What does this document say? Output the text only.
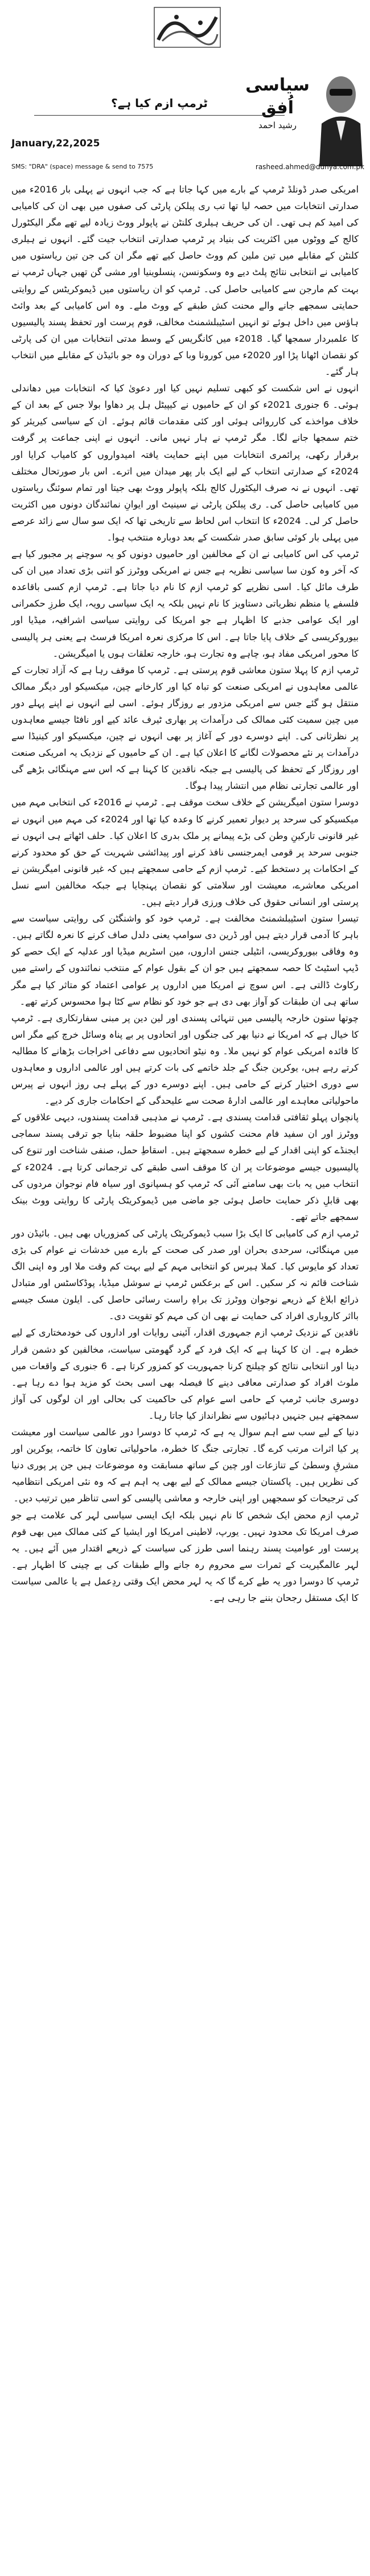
سیاسی اُفق
رشید احمد
ٹرمپ ازم کیا ہے؟
January,22,2025
SMS: "DRA" (space) message & send to 7575	rasheed.ahmed@dunya.com.pk

امریکی صدر ڈونلڈ ٹرمپ کے بارے میں کہا جاتا ہے کہ جب انہوں نے پہلی بار 2016ء میں صدارتی انتخابات میں حصہ لیا تھا تب ری پبلکن پارٹی کی صفوں میں بھی ان کی کامیابی کی امید کم ہی تھی۔ ان کی حریف ہیلری کلنٹن نے پاپولر ووٹ زیادہ لیے تھے مگر الیکٹورل کالج کے ووٹوں میں اکثریت کی بنیاد پر ٹرمپ صدارتی انتخاب جیت گئے۔ انہوں نے ہیلری کلنٹن کے مقابلے میں تین ملین کم ووٹ حاصل کیے تھے مگر ان کی جن تین ریاستوں میں کامیابی نے انتخابی نتائج پلٹ دیے وہ وسکونسن، پنسلوینیا اور مشی گن تھیں جہاں ٹرمپ نے بہت کم مارجن سے کامیابی حاصل کی۔ ٹرمپ کو ان ریاستوں میں ڈیموکریٹس کے روایتی حمایتی سمجھے جانے والے محنت کش طبقے کے ووٹ ملے۔ وہ اس کامیابی کے بعد وائٹ ہاؤس میں داخل ہوئے تو انہیں اسٹیبلشمنٹ مخالف، قوم پرست اور تحفظ پسند پالیسیوں کا علمبردار سمجھا گیا۔ 2018ء میں کانگریس کے وسط مدتی انتخابات میں ان کی پارٹی کو نقصان اٹھانا پڑا اور 2020ء میں کورونا وبا کے دوران وہ جو بائیڈن کے مقابلے میں انتخاب ہار گئے۔

انہوں نے اس شکست کو کبھی تسلیم نہیں کیا اور دعویٰ کیا کہ انتخابات میں دھاندلی ہوئی۔ 6 جنوری 2021ء کو ان کے حامیوں نے کیپیٹل ہل پر دھاوا بولا جس کے بعد ان کے خلاف مواخذے کی کارروائی ہوئی اور کئی مقدمات قائم ہوئے۔ ان کے سیاسی کیریئر کو ختم سمجھا جانے لگا۔ مگر ٹرمپ نے ہار نہیں مانی۔ انہوں نے اپنی جماعت پر گرفت برقرار رکھی، پرائمری انتخابات میں اپنے حمایت یافتہ امیدواروں کو کامیاب کرایا اور 2024ء کے صدارتی انتخاب کے لیے ایک بار پھر میدان میں اترے۔ اس بار صورتحال مختلف تھی۔ انہوں نے نہ صرف الیکٹورل کالج بلکہ پاپولر ووٹ بھی جیتا اور تمام سوئنگ ریاستوں میں کامیابی حاصل کی۔ ری پبلکن پارٹی نے سینیٹ اور ایوانِ نمائندگان دونوں میں اکثریت حاصل کر لی۔ 2024ء کا انتخاب اس لحاظ سے تاریخی تھا کہ ایک سو سال سے زائد عرصے میں پہلی بار کوئی سابق صدر شکست کے بعد دوبارہ منتخب ہوا۔

ٹرمپ کی اس کامیابی نے ان کے مخالفین اور حامیوں دونوں کو یہ سوچنے پر مجبور کیا ہے کہ آخر وہ کون سا سیاسی نظریہ ہے جس نے امریکی ووٹرز کو اتنی بڑی تعداد میں ان کی طرف مائل کیا۔ اسی نظریے کو ٹرمپ ازم کا نام دیا جاتا ہے۔ ٹرمپ ازم کسی باقاعدہ فلسفے یا منظم نظریاتی دستاویز کا نام نہیں بلکہ یہ ایک سیاسی رویہ، ایک طرزِ حکمرانی اور ایک عوامی جذبے کا اظہار ہے جو امریکا کی روایتی سیاسی اشرافیہ، میڈیا اور بیوروکریسی کے خلاف پایا جاتا ہے۔ اس کا مرکزی نعرہ امریکا فرسٹ ہے یعنی ہر پالیسی کا محور امریکی مفاد ہو، چاہے وہ تجارت ہو، خارجہ تعلقات ہوں یا امیگریشن۔

ٹرمپ ازم کا پہلا ستون معاشی قوم پرستی ہے۔ ٹرمپ کا موقف رہا ہے کہ آزاد تجارت کے عالمی معاہدوں نے امریکی صنعت کو تباہ کیا اور کارخانے چین، میکسیکو اور دیگر ممالک منتقل ہو گئے جس سے امریکی مزدور بے روزگار ہوئے۔ اسی لیے انہوں نے اپنے پہلے دور میں چین سمیت کئی ممالک کی درآمدات پر بھاری ٹیرف عائد کیے اور نافٹا جیسے معاہدوں پر نظرثانی کی۔ اپنے دوسرے دور کے آغاز پر بھی انہوں نے چین، میکسیکو اور کینیڈا سے درآمدات پر نئے محصولات لگانے کا اعلان کیا ہے۔ ان کے حامیوں کے نزدیک یہ امریکی صنعت اور روزگار کے تحفظ کی پالیسی ہے جبکہ ناقدین کا کہنا ہے کہ اس سے مہنگائی بڑھے گی اور عالمی تجارتی نظام میں انتشار پیدا ہوگا۔

دوسرا ستون امیگریشن کے خلاف سخت موقف ہے۔ ٹرمپ نے 2016ء کی انتخابی مہم میں میکسیکو کی سرحد پر دیوار تعمیر کرنے کا وعدہ کیا تھا اور 2024ء کی مہم میں انہوں نے غیر قانونی تارکینِ وطن کی بڑے پیمانے پر ملک بدری کا اعلان کیا۔ حلف اٹھاتے ہی انہوں نے جنوبی سرحد پر قومی ایمرجنسی نافذ کرنے اور پیدائشی شہریت کے حق کو محدود کرنے کے احکامات پر دستخط کیے۔ ٹرمپ ازم کے حامی سمجھتے ہیں کہ غیر قانونی امیگریشن نے امریکی معاشرے، معیشت اور سلامتی کو نقصان پہنچایا ہے جبکہ مخالفین اسے نسل پرستی اور انسانی حقوق کی خلاف ورزی قرار دیتے ہیں۔

تیسرا ستون اسٹیبلشمنٹ مخالفت ہے۔ ٹرمپ خود کو واشنگٹن کی روایتی سیاست سے باہر کا آدمی قرار دیتے ہیں اور ڈرین دی سوامپ یعنی دلدل صاف کرنے کا نعرہ لگاتے ہیں۔ وہ وفاقی بیوروکریسی، انٹیلی جنس اداروں، مین اسٹریم میڈیا اور عدلیہ کے ایک حصے کو ڈیپ اسٹیٹ کا حصہ سمجھتے ہیں جو ان کے بقول عوام کے منتخب نمائندوں کے راستے میں رکاوٹ ڈالتی ہے۔ اس سوچ نے امریکا میں اداروں پر عوامی اعتماد کو متاثر کیا ہے مگر ساتھ ہی ان طبقات کو آواز بھی دی ہے جو خود کو نظام سے کٹا ہوا محسوس کرتے تھے۔

چوتھا ستون خارجہ پالیسی میں تنہائی پسندی اور لین دین پر مبنی سفارتکاری ہے۔ ٹرمپ کا خیال ہے کہ امریکا نے دنیا بھر کی جنگوں اور اتحادوں پر بے پناہ وسائل خرچ کیے مگر اس کا فائدہ امریکی عوام کو نہیں ملا۔ وہ نیٹو اتحادیوں سے دفاعی اخراجات بڑھانے کا مطالبہ کرتے رہے ہیں، یوکرین جنگ کے جلد خاتمے کی بات کرتے ہیں اور عالمی اداروں و معاہدوں سے دوری اختیار کرنے کے حامی ہیں۔ اپنے دوسرے دور کے پہلے ہی روز انہوں نے پیرس ماحولیاتی معاہدے اور عالمی ادارۂ صحت سے علیحدگی کے احکامات جاری کر دیے۔

پانچواں پہلو ثقافتی قدامت پسندی ہے۔ ٹرمپ نے مذہبی قدامت پسندوں، دیہی علاقوں کے ووٹرز اور ان سفید فام محنت کشوں کو اپنا مضبوط حلقہ بنایا جو ترقی پسند سماجی ایجنڈے کو اپنی اقدار کے لیے خطرہ سمجھتے ہیں۔ اسقاطِ حمل، صنفی شناخت اور تنوع کی پالیسیوں جیسے موضوعات پر ان کا موقف اسی طبقے کی ترجمانی کرتا ہے۔ 2024ء کے انتخاب میں یہ بات بھی سامنے آئی کہ ٹرمپ کو ہسپانوی اور سیاہ فام نوجوان مردوں کی بھی قابلِ ذکر حمایت حاصل ہوئی جو ماضی میں ڈیموکریٹک پارٹی کا روایتی ووٹ بینک سمجھے جاتے تھے۔

ٹرمپ ازم کی کامیابی کا ایک بڑا سبب ڈیموکریٹک پارٹی کی کمزوریاں بھی ہیں۔ بائیڈن دور میں مہنگائی، سرحدی بحران اور صدر کی صحت کے بارے میں خدشات نے عوام کی بڑی تعداد کو مایوس کیا۔ کملا ہیرس کو انتخابی مہم کے لیے بہت کم وقت ملا اور وہ اپنی الگ شناخت قائم نہ کر سکیں۔ اس کے برعکس ٹرمپ نے سوشل میڈیا، پوڈکاسٹس اور متبادل ذرائع ابلاغ کے ذریعے نوجوان ووٹرز تک براہِ راست رسائی حاصل کی۔ ایلون مسک جیسے بااثر کاروباری افراد کی حمایت نے بھی ان کی مہم کو تقویت دی۔

ناقدین کے نزدیک ٹرمپ ازم جمہوری اقدار، آئینی روایات اور اداروں کی خودمختاری کے لیے خطرہ ہے۔ ان کا کہنا ہے کہ ایک فرد کے گرد گھومتی سیاست، مخالفین کو دشمن قرار دینا اور انتخابی نتائج کو چیلنج کرنا جمہوریت کو کمزور کرتا ہے۔ 6 جنوری کے واقعات میں ملوث افراد کو صدارتی معافی دینے کا فیصلہ بھی اسی بحث کو مزید ہوا دے رہا ہے۔ دوسری جانب ٹرمپ کے حامی اسے عوام کی حاکمیت کی بحالی اور ان لوگوں کی آواز سمجھتے ہیں جنہیں دہائیوں سے نظرانداز کیا جاتا رہا۔

دنیا کے لیے سب سے اہم سوال یہ ہے کہ ٹرمپ کا دوسرا دور عالمی سیاست اور معیشت پر کیا اثرات مرتب کرے گا۔ تجارتی جنگ کا خطرہ، ماحولیاتی تعاون کا خاتمہ، یوکرین اور مشرقِ وسطیٰ کے تنازعات اور چین کے ساتھ مسابقت وہ موضوعات ہیں جن پر پوری دنیا کی نظریں ہیں۔ پاکستان جیسے ممالک کے لیے بھی یہ اہم ہے کہ وہ نئی امریکی انتظامیہ کی ترجیحات کو سمجھیں اور اپنی خارجہ و معاشی پالیسی کو اسی تناظر میں ترتیب دیں۔

ٹرمپ ازم محض ایک شخص کا نام نہیں بلکہ ایک ایسی سیاسی لہر کی علامت ہے جو صرف امریکا تک محدود نہیں۔ یورپ، لاطینی امریکا اور ایشیا کے کئی ممالک میں بھی قوم پرست اور عوامیت پسند رہنما اسی طرز کی سیاست کے ذریعے اقتدار میں آئے ہیں۔ یہ لہر عالمگیریت کے ثمرات سے محروم رہ جانے والے طبقات کی بے چینی کا اظہار ہے۔ ٹرمپ کا دوسرا دور یہ طے کرے گا کہ یہ لہر محض ایک وقتی ردِعمل ہے یا عالمی سیاست کا ایک مستقل رجحان بننے جا رہی ہے۔
